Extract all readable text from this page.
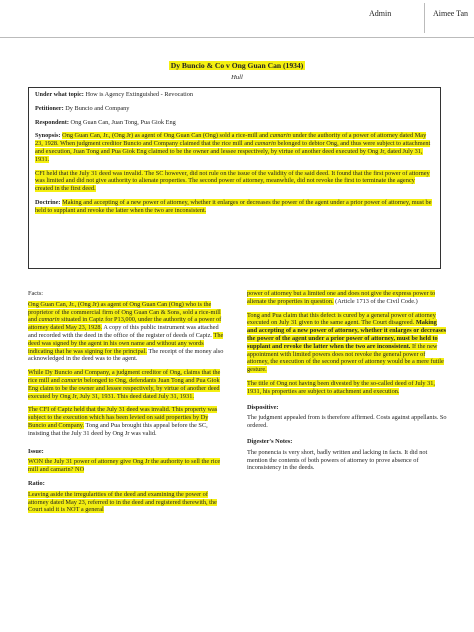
Admin	Aimee Tan
Dy Buncio & Co v Ong Guan Can (1934)
Hull

Under what topic: How is Agency Extinguished - Revocation

Petitioner: Dy Buncio and Company

Respondent: Ong Guan Can, Juan Tong, Pua Giok Eng

Synopsis: Ong Guan Can, Jr., (Ong Jr) as agent of Ong Guan Can (Ong) sold a rice-mill and camarin under the authority of a power of attorney dated May 23, 1928. When judgment creditor Buncio and Company claimed that the rice mill and camarin belonged to debtor Ong, and thus were subject to attachment and execution, Juan Tong and Pua Giok Eng claimed to be the owner and lessee respectively, by virtue of another deed executed by Ong Jr, dated July 31, 1931.

CFI held that the July 31 deed was invalid. The SC however, did not rule on the issue of the validity of the said deed. It found that the first power of attorney was limited and did not give authority to alienate properties. The second power of attorney, meanwhile, did not revoke the first to terminate the agency created in the first deed.

Doctrine: Making and accepting of a new power of attorney, whether it enlarges or decreases the power of the agent under a prior power of attorney, must be held to supplant and revoke the latter when the two are inconsistent.

Facts:

Ong Guan Can, Jr., (Ong Jr) as agent of Ong Guan Can (Ong) who is the proprietor of the commercial firm of Ong Guan Can & Sons, sold a rice-mill and camarin situated in Capiz for P13,000, under the authority of a power of attorney dated May 23, 1928. A copy of this public instrument was attached and recorded with the deed in the office of the register of deeds of Capiz. The deed was signed by the agent in his own name and without any words indicating that he was signing for the principal. The receipt of the money also acknowledged in the deed was to the agent.

While Dy Buncio and Company, a judgment creditor of Ong, claims that the rice mill and camarin belonged to Ong, defendants Juan Tong and Pua Giok Eng claim to be the owner and lessee respectively, by virtue of another deed executed by Ong Jr, July 31, 1931. This deed dated July 31, 1931.

The CFI of Capiz held that the July 31 deed was invalid. This property was subject to the execution which has been levied on said properties by Dy Buncio and Company. Tong and Pua brought this appeal before the SC, insisting that the July 31 deed by Ong Jr was valid.

Issue:

WON the July 31 power of attorney give Ong Jr the authority to sell the rice mill and camarin? NO

Ratio:

Leaving aside the irregularities of the deed and examining the power of attorney dated May 23, referred to in the deed and registered therewith, the Court said it is NOT a general

power of attorney but a limited one and does not give the express power to alienate the properties in question. (Article 1713 of the Civil Code.)

Tong and Pua claim that this defect is cured by a general power of attorney executed on July 31 given to the same agent. The Court disagreed. Making and accepting of a new power of attorney, whether it enlarges or decreases the power of the agent under a prior power of attorney, must be held to supplant and revoke the latter when the two are inconsistent. If the new appointment with limited powers does not revoke the general power of attorney, the execution of the second power of attorney would be a mere futile gesture.

The title of Ong not having been divested by the so-called deed of July 31, 1931, his properties are subject to attachment and execution.

Dispositive:

The judgment appealed from is therefore affirmed. Costs against appellants. So ordered.

Digester's Notes:

The ponencia is very short, badly written and lacking in facts. It did not mention the contents of both powers of attorney to prove absence of inconsistency in the deeds.
